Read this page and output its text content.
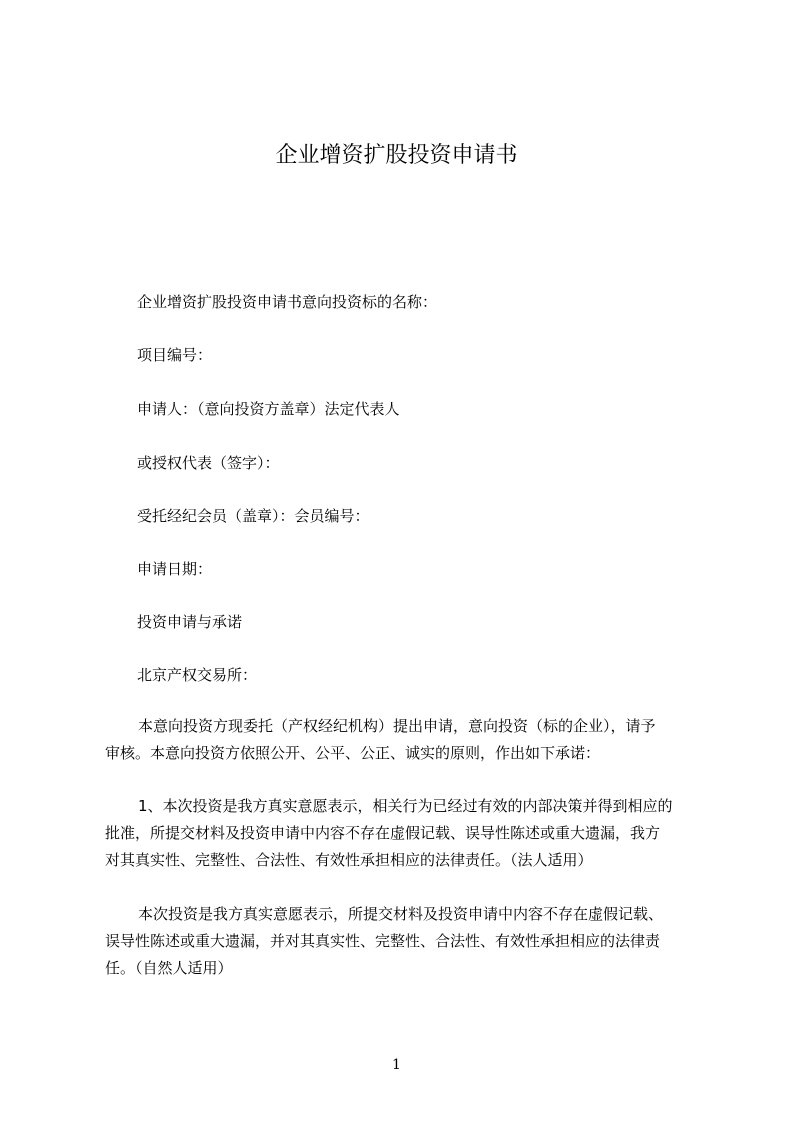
企业增资扩股投资申请书
企业增资扩股投资申请书意向投资标的名称：
项目编号：
申请人：（意向投资方盖章）法定代表人
或授权代表（签字）：
受托经纪会员（盖章）：会员编号：
申请日期：
投资申请与承诺
北京产权交易所：
本意向投资方现委托（产权经纪机构）提出申请，意向投资（标的企业），请予
审核。本意向投资方依照公开、公平、公正、诚实的原则，作出如下承诺：
1、本次投资是我方真实意愿表示，相关行为已经过有效的内部决策并得到相应的
批准，所提交材料及投资申请中内容不存在虚假记载、误导性陈述或重大遗漏，我方
对其真实性、完整性、合法性、有效性承担相应的法律责任。（法人适用）
本次投资是我方真实意愿表示，所提交材料及投资申请中内容不存在虚假记载、
误导性陈述或重大遗漏，并对其真实性、完整性、合法性、有效性承担相应的法律责
任。（自然人适用）
1
